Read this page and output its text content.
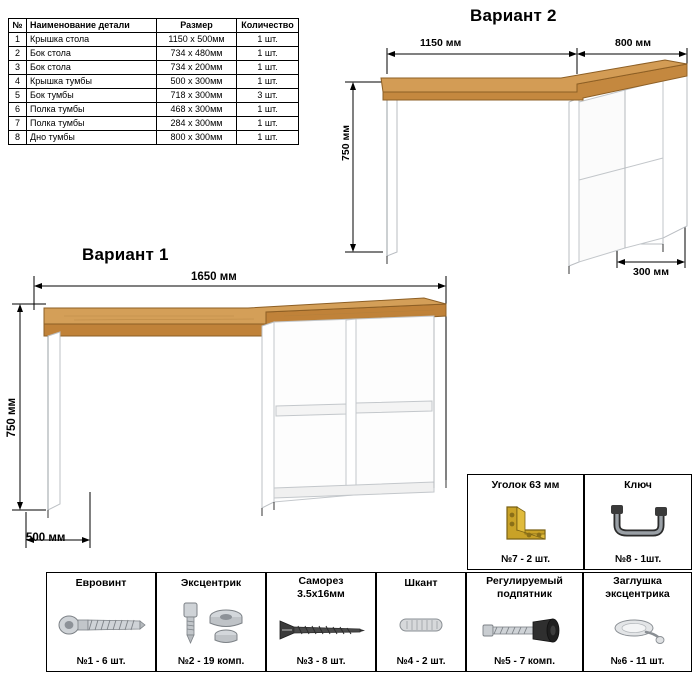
№	Наименование детали	Размер	Количество
1	Крышка стола	1150 x 500мм	1 шт.
2	Бок стола	734 x 480мм	1 шт.
3	Бок стола	734 x 200мм	1 шт.
4	Крышка тумбы	500 x 300мм	1 шт.
5	Бок тумбы	718 x 300мм	3 шт.
6	Полка тумбы	468 x 300мм	1 шт.
7	Полка тумбы	284 x 300мм	1 шт.
8	Дно тумбы	800 x 300мм	1 шт.
Вариант 2
1150 мм	800 мм
750 мм
300 мм
Вариант 1
1650 мм
750 мм
500 мм
Уголок 63 мм
№7 - 2 шт.
Ключ
№8 - 1шт.
Еврoвинт
№1 - 6 шт.
Эксцентрик
№2 - 19 комп.
Саморез
3.5x16мм
№3 - 8 шт.
Шкант
№4 - 2 шт.
Регулируемый
подпятник
№5 - 7 комп.
Заглушка
эксцентрика
№6 - 11 шт.
